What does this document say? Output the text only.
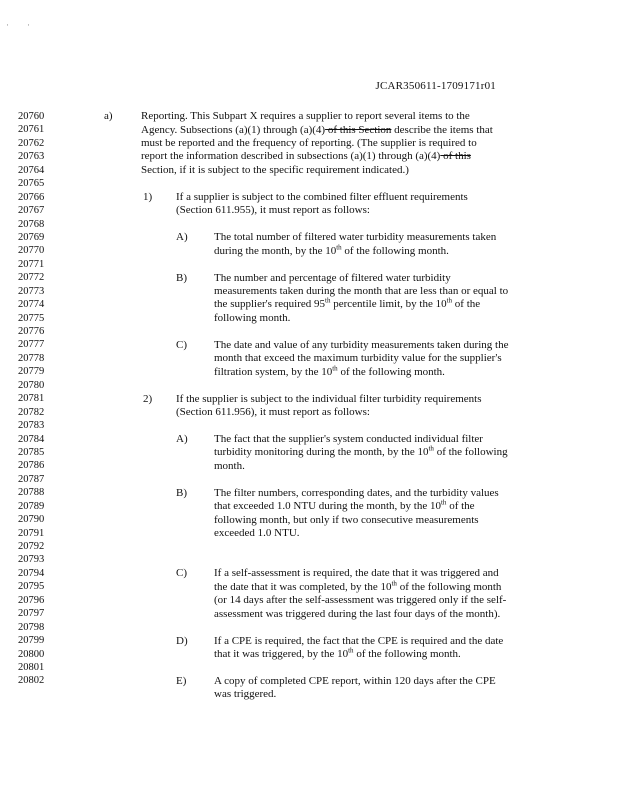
·        ·
JCAR350611-1709171r01
20760
20761
20762
20763
20764
20765
20766
20767
20768
20769
20770
20771
20772
20773
20774
20775
20776
20777
20778
20779
20780
20781
20782
20783
20784
20785
20786
20787
20788
20789
20790
20791
20792
20793
20794
20795
20796
20797
20798
20799
20800
20801
20802
a)	Reporting. This Subpart X requires a supplier to report several items to the
Agency. Subsections (a)(1) through (a)(4) of this Section describe the items that
must be reported and the frequency of reporting. (The supplier is required to
report the information described in subsections (a)(1) through (a)(4) of this
Section, if it is subject to the specific requirement indicated.)
1) If a supplier is subject to the combined filter effluent requirements
(Section 611.955), it must report as follows:
A) The total number of filtered water turbidity measurements taken
during the month, by the 10th of the following month.
B) The number and percentage of filtered water turbidity
measurements taken during the month that are less than or equal to
the supplier's required 95th percentile limit, by the 10th of the
following month.
C) The date and value of any turbidity measurements taken during the
month that exceed the maximum turbidity value for the supplier's
filtration system, by the 10th of the following month.
2) If the supplier is subject to the individual filter turbidity requirements
(Section 611.956), it must report as follows:
A) The fact that the supplier's system conducted individual filter
turbidity monitoring during the month, by the 10th of the following
month.
B) The filter numbers, corresponding dates, and the turbidity values
that exceeded 1.0 NTU during the month, by the 10th of the
following month, but only if two consecutive measurements
exceeded 1.0 NTU.
C) If a self-assessment is required, the date that it was triggered and
the date that it was completed, by the 10th of the following month
(or 14 days after the self-assessment was triggered only if the self-
assessment was triggered during the last four days of the month).
D) If a CPE is required, the fact that the CPE is required and the date
that it was triggered, by the 10th of the following month.
E)	A copy of completed CPE report, within 120 days after the CPE
was triggered.
